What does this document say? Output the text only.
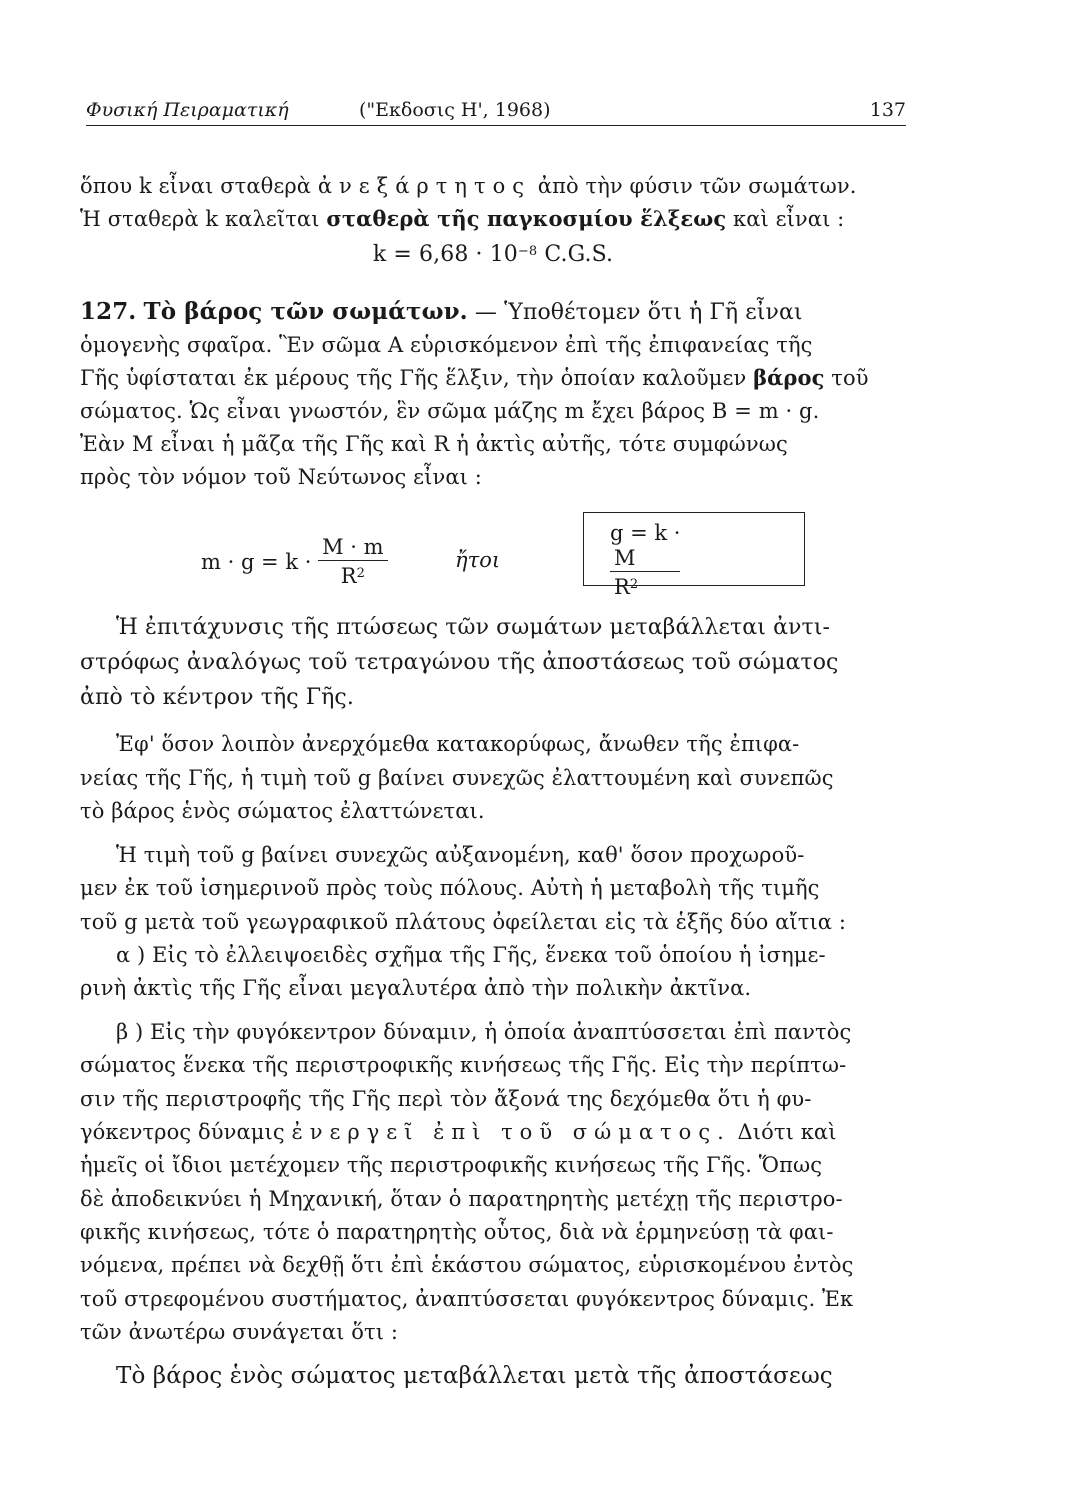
Φυσική Πειραματική	("Εκδοσις Η', 1968)	137
ὅπου k εἶναι σταθερὰ ἀνεξάρτητος ἀπὸ τὴν φύσιν τῶν σωμάτων.
Ἡ σταθερὰ k καλεῖται σταθερὰ τῆς παγκοσμίου ἕλξεως καὶ εἶναι :
$k = 6,68 \cdot 10^{-8}$ C.G.S.
127. Τὸ βάρος τῶν σωμάτων. — Ὑποθέτομεν ὅτι ἡ Γῆ εἶναι
ὁμογενὴς σφαῖρα. Ἓν σῶμα Α εὑρισκόμενον ἐπὶ τῆς ἐπιφανείας τῆς
Γῆς ὑφίσταται ἐκ μέρους τῆς Γῆς ἕλξιν, τὴν ὁποίαν καλοῦμεν βάρος τοῦ
σώματος. Ὡς εἶναι γνωστόν, ἓν σῶμα μάζης m ἔχει βάρος Β = m · g.
Ἐὰν Μ εἶναι ἡ μᾶζα τῆς Γῆς καὶ R ἡ ἀκτὶς αὐτῆς, τότε συμφώνως
πρὸς τὸν νόμον τοῦ Νεύτωνος εἶναι :
$m \cdot g = k \cdot \frac{M \cdot m}{R^2}$	ἤτοι
g = k ·
M
$R^2$
Ἡ ἐπιτάχυνσις τῆς πτώσεως τῶν σωμάτων μεταβάλλεται ἀντι-
στρόφως ἀναλόγως τοῦ τετραγώνου τῆς ἀποστάσεως τοῦ σώματος
ἀπὸ τὸ κέντρον τῆς Γῆς.
Ἐφ' ὅσον λοιπὸν ἀνερχόμεθα κατακορύφως, ἄνωθεν τῆς ἐπιφα-
νείας τῆς Γῆς, ἡ τιμὴ τοῦ g βαίνει συνεχῶς ἐλαττουμένη καὶ συνεπῶς
τὸ βάρος ἑνὸς σώματος ἐλαττώνεται.
Ἡ τιμὴ τοῦ g βαίνει συνεχῶς αὐξανομένη, καθ' ὅσον προχωροῦ-
μεν ἐκ τοῦ ἰσημερινοῦ πρὸς τοὺς πόλους. Αὐτὴ ἡ μεταβολὴ τῆς τιμῆς
τοῦ g μετὰ τοῦ γεωγραφικοῦ πλάτους ὀφείλεται εἰς τὰ ἑξῆς δύο αἴτια :
α ) Εἰς τὸ ἐλλειψοειδὲς σχῆμα τῆς Γῆς, ἕνεκα τοῦ ὁποίου ἡ ἰσημε-
ρινὴ ἀκτὶς τῆς Γῆς εἶναι μεγαλυτέρα ἀπὸ τὴν πολικὴν ἀκτῖνα.
β ) Εἰς τὴν φυγόκεντρον δύναμιν, ἡ ὁποία ἀναπτύσσεται ἐπὶ παντὸς
σώματος ἕνεκα τῆς περιστροφικῆς κινήσεως τῆς Γῆς. Εἰς τὴν περίπτω-
σιν τῆς περιστροφῆς τῆς Γῆς περὶ τὸν ἄξονά της δεχόμεθα ὅτι ἡ φυ-
γόκεντρος δύναμις ἐνεργεῖ ἐπὶ τοῦ σώματος. Διότι καὶ
ἡμεῖς οἱ ἴδιοι μετέχομεν τῆς περιστροφικῆς κινήσεως τῆς Γῆς. Ὅπως
δὲ ἀποδεικνύει ἡ Μηχανική, ὅταν ὁ παρατηρητὴς μετέχῃ τῆς περιστρο-
φικῆς κινήσεως, τότε ὁ παρατηρητὴς οὗτος, διὰ νὰ ἑρμηνεύσῃ τὰ φαι-
νόμενα, πρέπει νὰ δεχθῇ ὅτι ἐπὶ ἑκάστου σώματος, εὑρισκομένου ἐντὸς
τοῦ στρεφομένου συστήματος, ἀναπτύσσεται φυγόκεντρος δύναμις. Ἐκ
τῶν ἀνωτέρω συνάγεται ὅτι :
Τὸ βάρος ἑνὸς σώματος μεταβάλλεται μετὰ τῆς ἀποστάσεως
